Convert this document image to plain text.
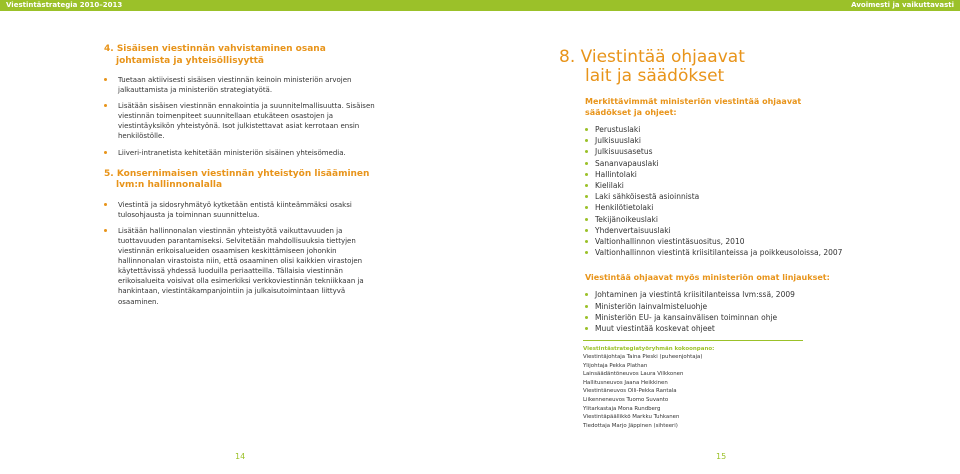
Viestintästrategia 2010–2013	Avoimesti ja vaikuttavasti
4. Sisäisen viestinnän vahvistaminen osana
johtamista ja yhteisöllisyyttä
Tuetaan aktiivisesti sisäisen viestinnän keinoin ministeriön arvojen jalkauttamista ja ministeriön strategiatyötä.
Lisätään sisäisen viestinnän ennakointia ja suunnitelmallisuutta. Sisäisen viestinnän toimenpiteet suunnitellaan etukäteen osastojen ja viestintäyksikön yhteistyönä. Isot julkistettavat asiat kerrotaan ensin henkilöstölle.
Liiveri-intranetista kehitetään ministeriön sisäinen yhteisömedia.
5. Konsernimaisen viestinnän yhteistyön lisääminen
lvm:n hallinnonalalla
Viestintä ja sidosryhmätyö kytketään entistä kiinteämmäksi osaksi tulosohjausta ja toiminnan suunnittelua.
Lisätään hallinnonalan viestinnän yhteistyötä vaikuttavuuden ja tuottavuuden parantamiseksi. Selvitetään mahdollisuuksia tiettyjen viestinnän erikoisalueiden osaamisen keskittämiseen johonkin hallinnonalan virastoista niin, että osaaminen olisi kaikkien virastojen käytettävissä yhdessä luoduilla periaatteilla. Tällaisia viestinnän erikoisalueita voisivat olla esimerkiksi verkkoviestinnän tekniikkaan ja hankintaan, viestintäkampanjointiin ja julkaisutoimintaan liittyvä osaaminen.
8. Viestintää ohjaavat
lait ja säädökset
Merkittävimmät ministeriön viestintää ohjaavat
säädökset ja ohjeet:
Perustuslaki
Julkisuuslaki
Julkisuusasetus
Sananvapauslaki
Hallintolaki
Kielilaki
Laki sähköisestä asioinnista
Henkilötietolaki
Tekijänoikeuslaki
Yhdenvertaisuuslaki
Valtionhallinnon viestintäsuositus, 2010
Valtionhallinnon viestintä kriisitilanteissa ja poikkeusoloissa, 2007
Viestintää ohjaavat myös ministeriön omat linjaukset:
Johtaminen ja viestintä kriisitilanteissa lvm:ssä, 2009
Ministeriön lainvalmisteluohje
Ministeriön EU- ja kansainvälisen toiminnan ohje
Muut viestintää koskevat ohjeet
Viestintästrategiatyöryhmän kokoonpano:
Viestintäjohtaja Taina Pieski (puheenjohtaja)
Ylijohtaja Pekka Plathan
Lainsäädäntöneuvos Laura Vilkkonen
Hallitusneuvos Jaana Heikkinen
Viestintäneuvos Olli-Pekka Rantala
Liikenneneuvos Tuomo Suvanto
Ylitarkastaja Mona Rundberg
Viestintäpäällikkö Markku Tuhkanen
Tiedottaja Marjo Jäppinen (sihteeri)
14	15
